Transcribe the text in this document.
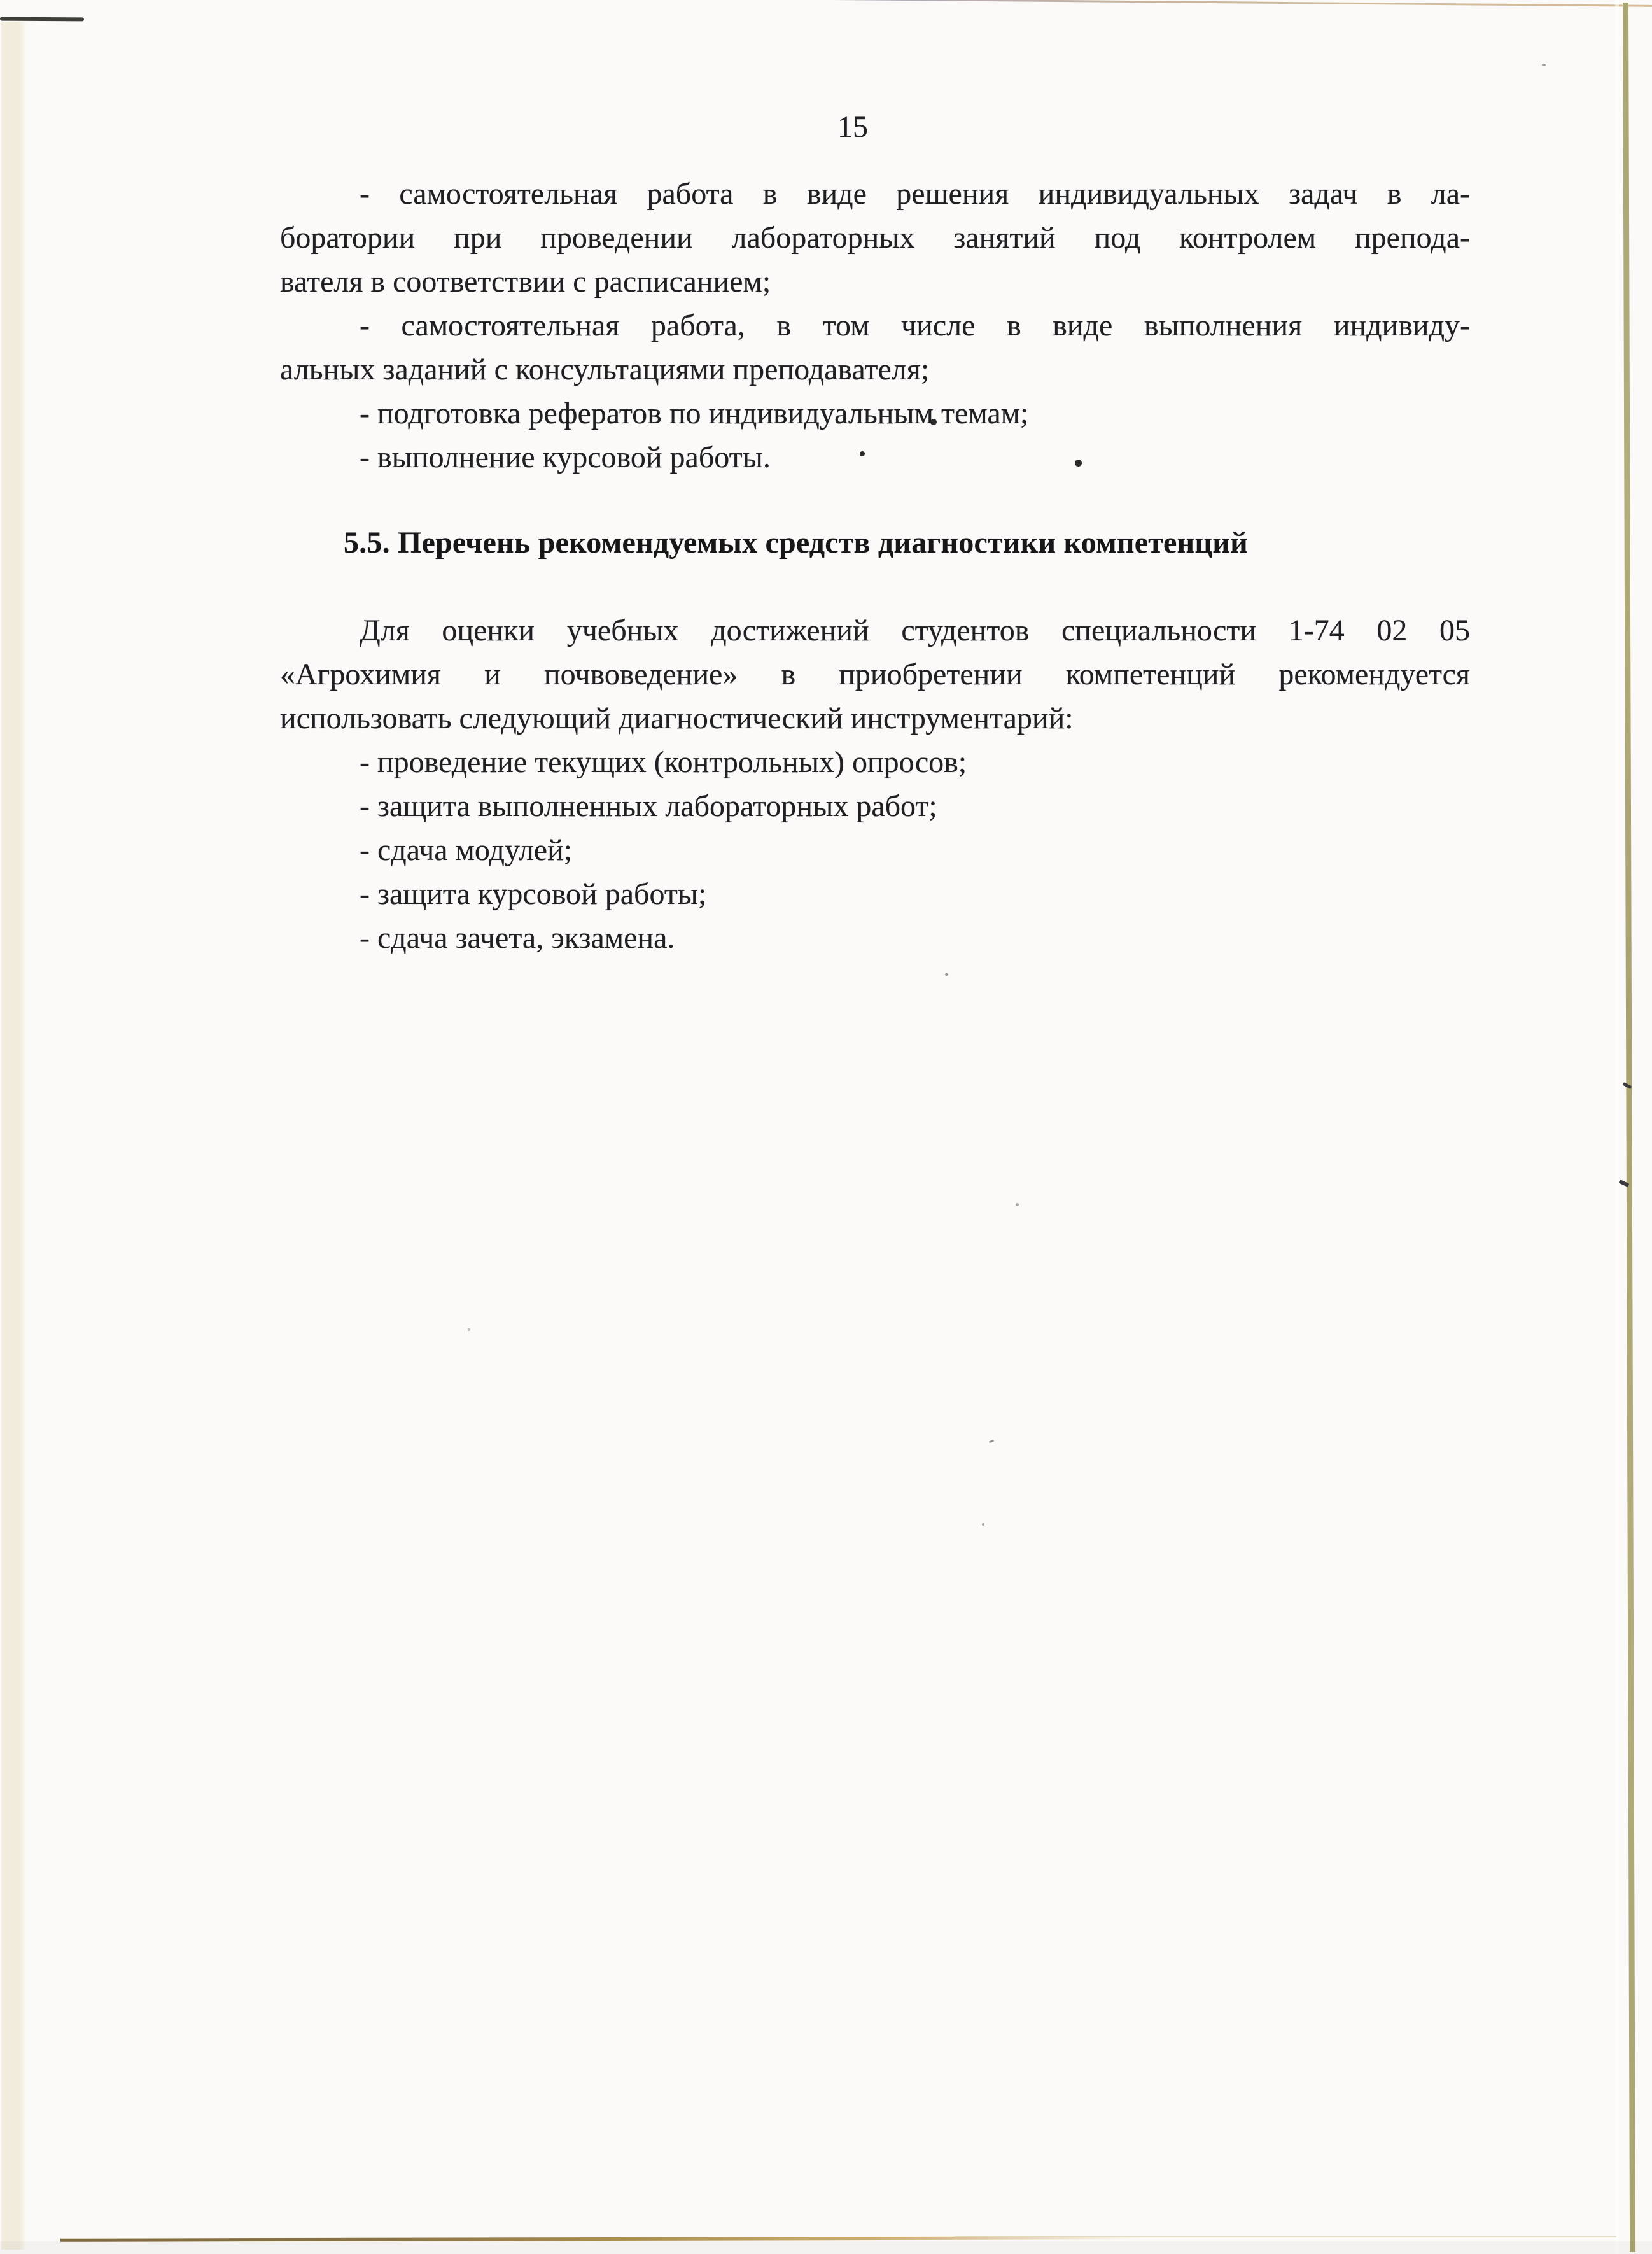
15
- самостоятельная работа в виде решения индивидуальных задач в ла-
боратории при проведении лабораторных занятий под контролем препода-
вателя в соответствии с расписанием;
- самостоятельная работа, в том числе в виде выполнения индивиду-
альных заданий с консультациями преподавателя;
- подготовка рефератов по индивидуальным темам;
- выполнение курсовой работы.
5.5. Перечень рекомендуемых средств диагностики компетенций
Для оценки учебных достижений студентов специальности 1-74 02 05
«Агрохимия и почвоведение» в приобретении компетенций рекомендуется
использовать следующий диагностический инструментарий:
- проведение текущих (контрольных) опросов;
- защита выполненных лабораторных работ;
- сдача модулей;
- защита курсовой работы;
- сдача зачета, экзамена.
